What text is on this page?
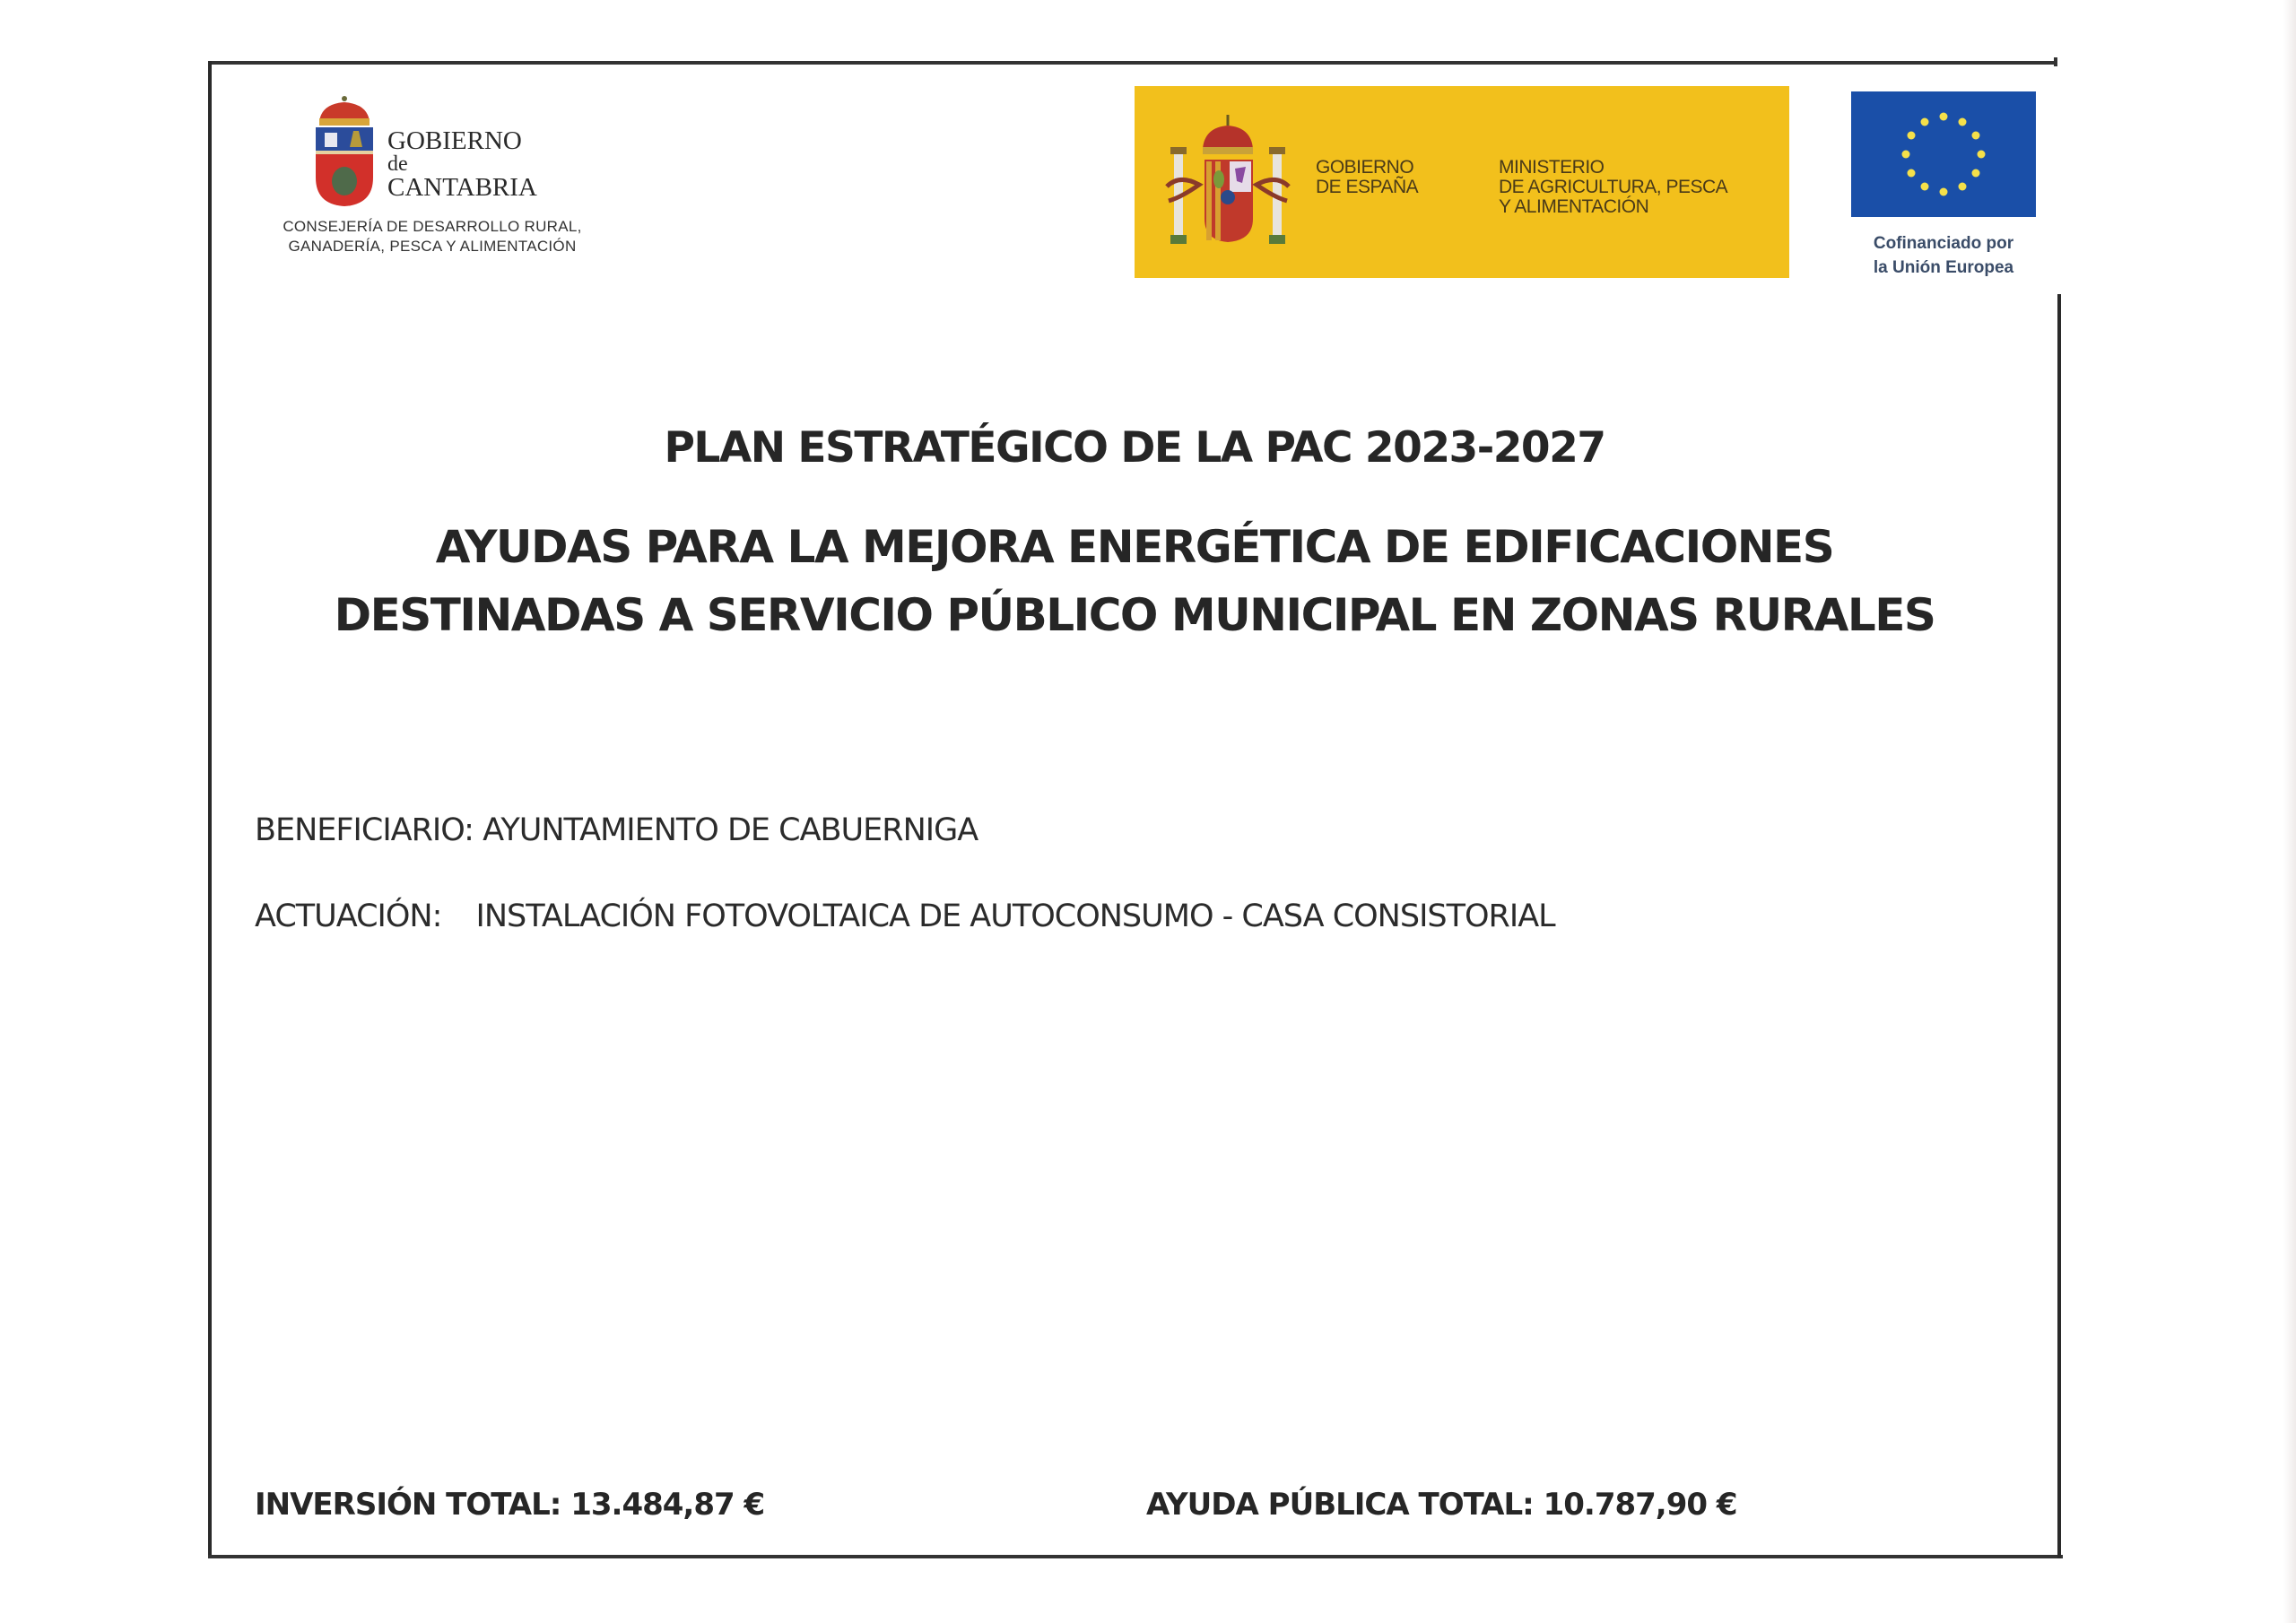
GOBIERNO

de
CANTABRIA
CONSEJERÍA DE DESARROLLO RURAL,
GANADERÍA, PESCA Y ALIMENTACIÓN
GOBIERNO
DE ESPAÑA
MINISTERIO
DE AGRICULTURA, PESCA
Y ALIMENTACIÓN
Cofinanciado por
la Unión Europea
PLAN ESTRATÉGICO DE LA PAC 2023-2027
AYUDAS PARA LA MEJORA ENERGÉTICA DE EDIFICACIONES
DESTINADAS A SERVICIO PÚBLICO MUNICIPAL EN ZONAS RURALES
BENEFICIARIO: AYUNTAMIENTO DE CABUERNIGA
ACTUACIÓN: INSTALACIÓN FOTOVOLTAICA DE AUTOCONSUMO - CASA CONSISTORIAL
INVERSIÓN TOTAL: 13.484,87 €	AYUDA PÚBLICA TOTAL: 10.787,90 €
